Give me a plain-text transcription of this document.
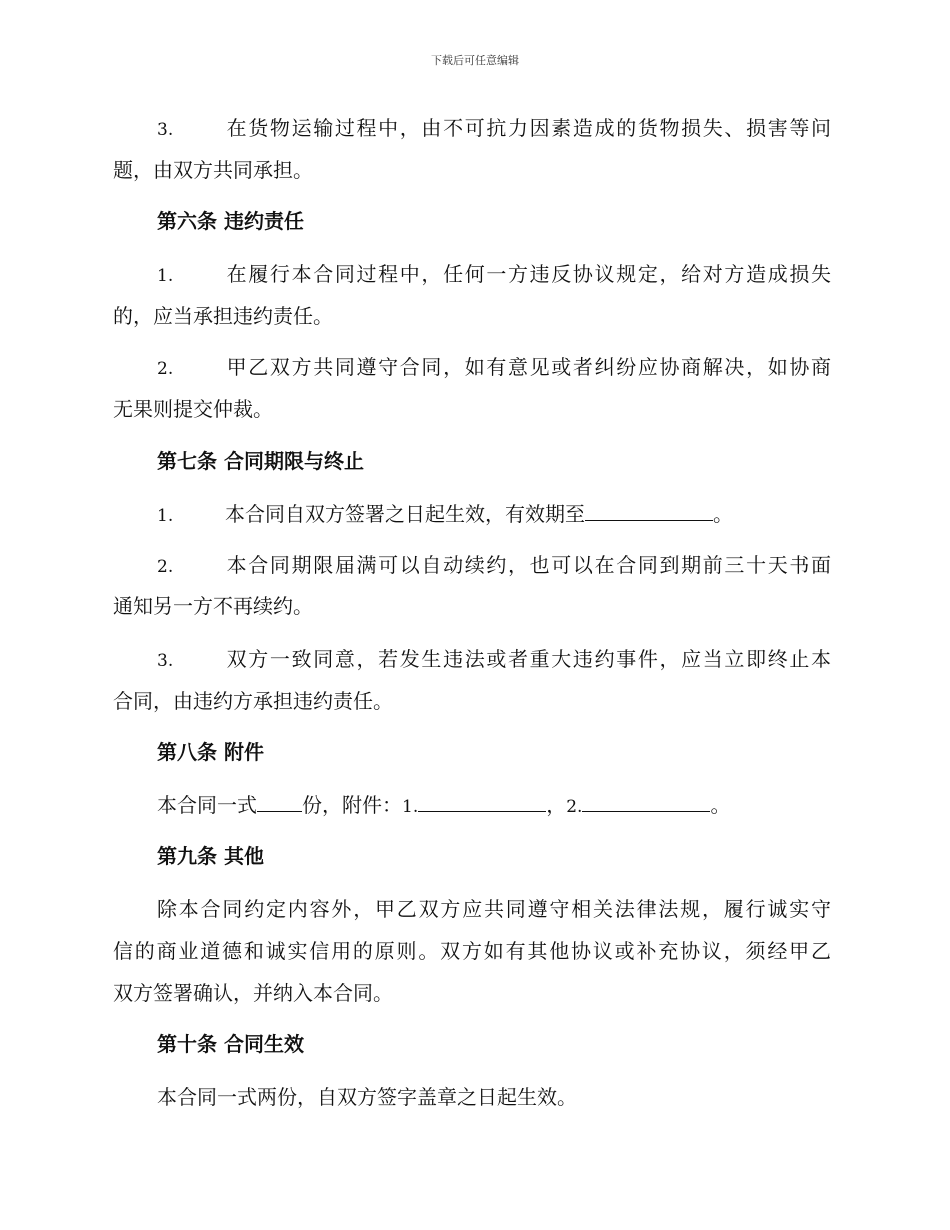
下载后可任意编辑
3.	在货物运输过程中，由不可抗力因素造成的货物损失、损害等问
题，由双方共同承担。
第六条 违约责任
1.	在履行本合同过程中，任何一方违反协议规定，给对方造成损失
的，应当承担违约责任。
2.	甲乙双方共同遵守合同，如有意见或者纠纷应协商解决，如协商
无果则提交仲裁。
第七条 合同期限与终止
1.	本合同自双方签署之日起生效，有效期至	。
2.	本合同期限届满可以自动续约，也可以在合同到期前三十天书面
通知另一方不再续约。
3.	双方一致同意，若发生违法或者重大违约事件，应当立即终止本
合同，由违约方承担违约责任。
第八条 附件
本合同一式 份，附件：1.	，2.	。
第九条 其他
除本合同约定内容外，甲乙双方应共同遵守相关法律法规，履行诚实守
信的商业道德和诚实信用的原则。双方如有其他协议或补充协议，须经甲乙
双方签署确认，并纳入本合同。
第十条 合同生效
本合同一式两份，自双方签字盖章之日起生效。
